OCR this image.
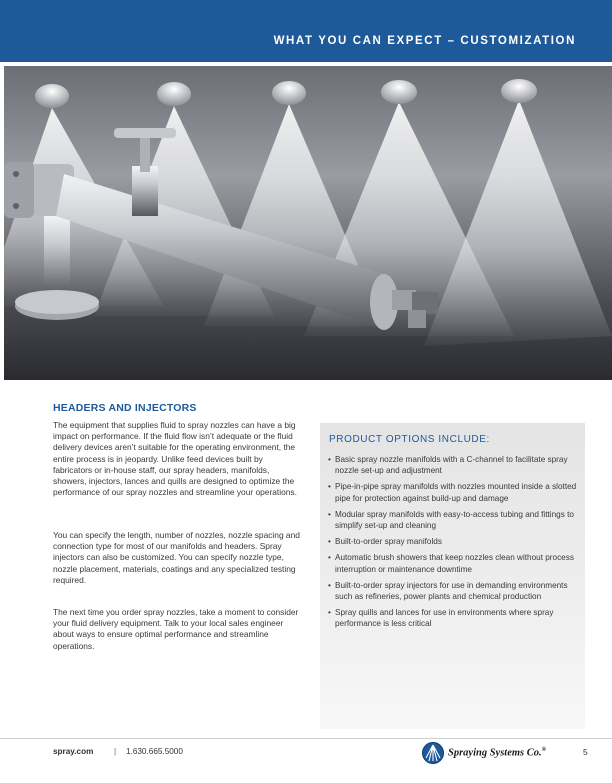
WHAT YOU CAN EXPECT – CUSTOMIZATION
HEADERS AND INJECTORS

The equipment that supplies fluid to spray nozzles can have a big impact on performance. If the fluid flow isn’t adequate or the fluid delivery devices aren’t suitable for the operating environment, the entire process is in jeopardy. Unlike feed devices built by fabricators or in-house staff, our spray headers, manifolds, showers, injectors, lances and quills are designed to optimize the performance of our spray nozzles and streamline your operations.

You can specify the length, number of nozzles, nozzle spacing and connection type for most of our manifolds and headers. Spray injectors can also be customized. You can specify nozzle type, nozzle placement, materials, coatings and any specialized testing required.

The next time you order spray nozzles, take a moment to consider your fluid delivery equipment. Talk to your local sales engineer about ways to ensure optimal performance and streamline operations.

PRODUCT OPTIONS INCLUDE:
• Basic spray nozzle manifolds with a C-channel to facilitate spray nozzle set-up and adjustment
• Pipe-in-pipe spray manifolds with nozzles mounted inside a slotted pipe for protection against build-up and damage
• Modular spray manifolds with easy-to-access tubing and fittings to simplify set-up and cleaning
• Built-to-order spray manifolds
• Automatic brush showers that keep nozzles clean without process interruption or maintenance downtime
• Built-to-order spray injectors for use in demanding environments such as refineries, power plants and chemical production
• Spray quills and lances for use in environments where spray performance is less critical
spray.com	| 1.630.665.5000	Spraying Systems Co.®	5
